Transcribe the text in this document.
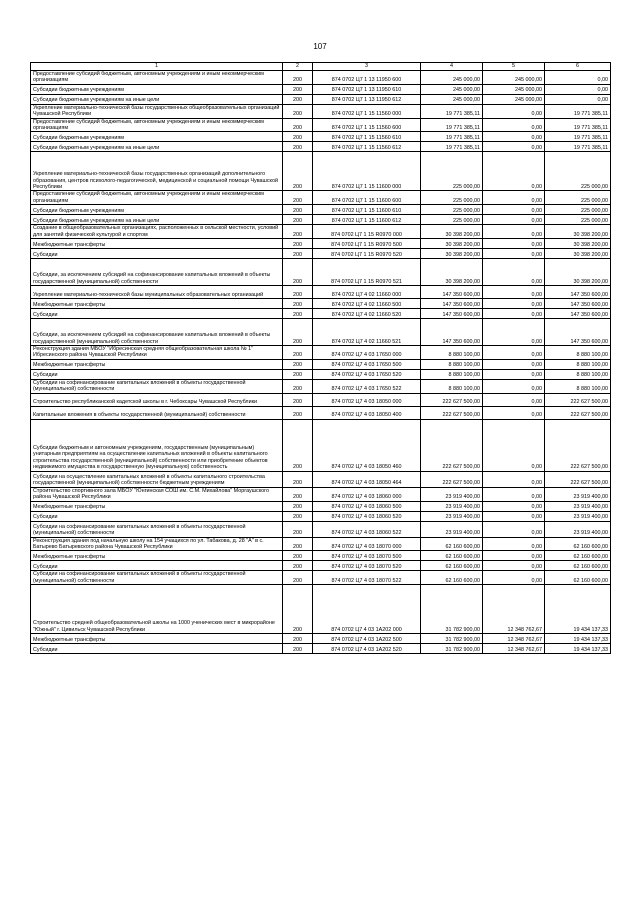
107
1	2	3	4	5	6
Предоставление субсидий бюджетным, автономным учреждениям и иным некоммерческим организациям	200	874 0702 Ц7 1 13 11950 600	245 000,00	245 000,00	0,00
Субсидии бюджетным учреждениям	200	874 0702 Ц7 1 13 11950 610	245 000,00	245 000,00	0,00
Субсидии бюджетным учреждениям на иные цели	200	874 0702 Ц7 1 13 11950 612	245 000,00	245 000,00	0,00
Укрепление материально-технической базы государственных общеобразовательных организаций Чувашской Республики	200	874 0702 Ц7 1 15 11560 000	19 771 385,11	0,00	19 771 385,11
Предоставление субсидий бюджетным, автономным учреждениям и иным некоммерческим организациям	200	874 0702 Ц7 1 15 11560 600	19 771 385,11	0,00	19 771 385,11
Субсидии бюджетным учреждениям	200	874 0702 Ц7 1 15 11560 610	19 771 385,11	0,00	19 771 385,11
Субсидии бюджетным учреждениям на иные цели	200	874 0702 Ц7 1 15 11560 612	19 771 385,11	0,00	19 771 385,11
Укрепление материально-технической базы государственных организаций дополнительного образования, центров психолого-педагогической, медицинской и социальной помощи Чувашской Республики	200	874 0702 Ц7 1 15 11600 000	225 000,00	0,00	225 000,00
Предоставление субсидий бюджетным, автономным учреждениям и иным некоммерческим организациям	200	874 0702 Ц7 1 15 11600 600	225 000,00	0,00	225 000,00
Субсидии бюджетным учреждениям	200	874 0702 Ц7 1 15 11600 610	225 000,00	0,00	225 000,00
Субсидии бюджетным учреждениям на иные цели	200	874 0702 Ц7 1 15 11600 612	225 000,00	0,00	225 000,00
Создание в общеобразовательных организациях, расположенных в сельской местности, условий для занятий физической культурой и спортом	200	874 0702 Ц7 1 15 R0970 000	30 398 200,00	0,00	30 398 200,00
Межбюджетные трансферты	200	874 0702 Ц7 1 15 R0970 500	30 398 200,00	0,00	30 398 200,00
Субсидии	200	874 0702 Ц7 1 15 R0970 520	30 398 200,00	0,00	30 398 200,00
Субсидии, за исключением субсидий на софинансирование капитальных вложений в объекты государственной (муниципальной) собственности	200	874 0702 Ц7 1 15 R0970 521	30 398 200,00	0,00	30 398 200,00
Укрепление материально-технической базы муниципальных образовательных организаций	200	874 0702 Ц7 4 02 11660 000	147 350 600,00	0,00	147 350 600,00
Межбюджетные трансферты	200	874 0702 Ц7 4 02 11660 500	147 350 600,00	0,00	147 350 600,00
Субсидии	200	874 0702 Ц7 4 02 11660 520	147 350 600,00	0,00	147 350 600,00
Субсидии, за исключением субсидий на софинансирование капитальных вложений в объекты государственной (муниципальной) собственности	200	874 0702 Ц7 4 02 11660 521	147 350 600,00	0,00	147 350 600,00
Реконструкция здания МБОУ "Ибресинская средняя общеобразовательная школа № 1" Ибресинского района Чувашской Республики	200	874 0702 Ц7 4 03 17650 000	8 880 100,00	0,00	8 880 100,00
Межбюджетные трансферты	200	874 0702 Ц7 4 03 17650 500	8 880 100,00	0,00	8 880 100,00
Субсидии	200	874 0702 Ц7 4 03 17650 520	8 880 100,00	0,00	8 880 100,00
Субсидии на софинансирование капитальных вложений в объекты государственной (муниципальной) собственности	200	874 0702 Ц7 4 03 17650 522	8 880 100,00	0,00	8 880 100,00
Строительство республиканской кадетской школы в г. Чебоксары Чувашской Республики	200	874 0702 Ц7 4 03 18050 000	222 627 500,00	0,00	222 627 500,00
Капитальные вложения в объекты государственной (муниципальной) собственности	200	874 0702 Ц7 4 03 18050 400	222 627 500,00	0,00	222 627 500,00
Субсидии бюджетным и автономным учреждениям, государственным (муниципальным) унитарным предприятиям на осуществление капитальных вложений в объекты капитального строительства государственной (муниципальной) собственности или приобретение объектов недвижимого имущества в государственную (муниципальную) собственность	200	874 0702 Ц7 4 03 18050 460	222 627 500,00	0,00	222 627 500,00
Субсидии на осуществление капитальных вложений в объекты капитального строительства государственной (муниципальной) собственности бюджетным учреждениям	200	874 0702 Ц7 4 03 18050 464	222 627 500,00	0,00	222 627 500,00
Строительство спортивного зала МБОУ "Юнгинская СОШ им. С.М. Михайлова" Моргаушского района Чувашской Республики	200	874 0702 Ц7 4 03 18060 000	23 919 400,00	0,00	23 919 400,00
Межбюджетные трансферты	200	874 0702 Ц7 4 03 18060 500	23 919 400,00	0,00	23 919 400,00
Субсидии	200	874 0702 Ц7 4 03 18060 520	23 919 400,00	0,00	23 919 400,00
Субсидии на софинансирование капитальных вложений в объекты государственной (муниципальной) собственности	200	874 0702 Ц7 4 03 18060 522	23 919 400,00	0,00	23 919 400,00
Реконструкция здания под начальную школу на 154 учащихся по ул. Табакова, д. 28 "А" в с. Батырево Батыревского района Чувашской Республики	200	874 0702 Ц7 4 03 18070 000	62 160 600,00	0,00	62 160 600,00
Межбюджетные трансферты	200	874 0702 Ц7 4 03 18070 500	62 160 600,00	0,00	62 160 600,00
Субсидии	200	874 0702 Ц7 4 03 18070 520	62 160 600,00	0,00	62 160 600,00
Субсидии на софинансирование капитальных вложений в объекты государственной (муниципальной) собственности	200	874 0702 Ц7 4 03 18070 522	62 160 600,00	0,00	62 160 600,00
Строительство средней общеобразовательной школы на 1000 ученических мест в микрорайоне "Южный" г. Цивильск Чувашской Республики	200	874 0702 Ц7 4 03 1А202 000	31 782 900,00	12 348 762,67	19 434 137,33
Межбюджетные трансферты	200	874 0702 Ц7 4 03 1А202 500	31 782 900,00	12 348 762,67	19 434 137,33
Субсидии	200	874 0702 Ц7 4 03 1А202 520	31 782 900,00	12 348 762,67	19 434 137,33
